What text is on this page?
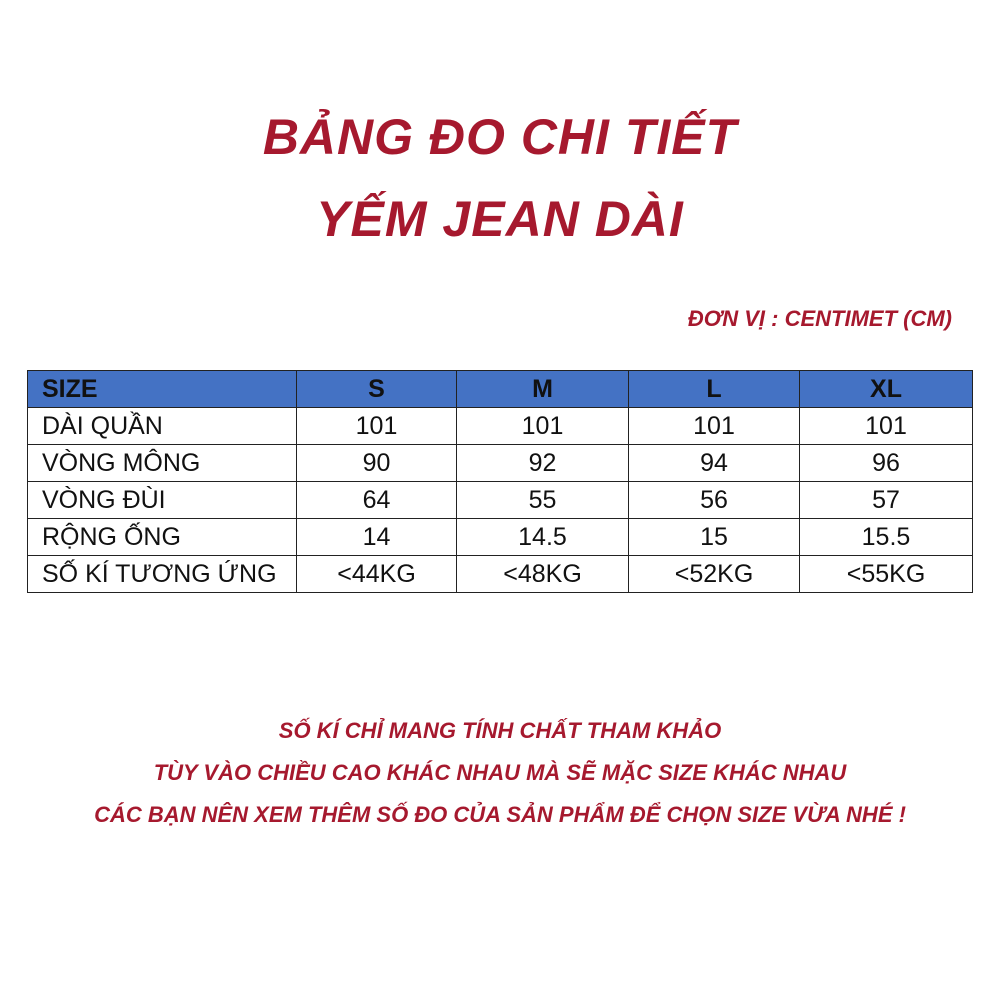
BẢNG ĐO CHI TIẾT
YẾM JEAN DÀI
ĐƠN VỊ : CENTIMET (CM)
SIZE	S	M	L	XL
DÀI QUẦN	101	101	101	101
VÒNG MÔNG	90	92	94	96
VÒNG ĐÙI	64	55	56	57
RỘNG ỐNG	14	14.5	15	15.5
SỐ KÍ TƯƠNG ỨNG	<44KG	<48KG	<52KG	<55KG

SỐ KÍ CHỈ MANG TÍNH CHẤT THAM KHẢO

TÙY VÀO CHIỀU CAO KHÁC NHAU MÀ SẼ MẶC SIZE KHÁC NHAU

CÁC BẠN NÊN XEM THÊM SỐ ĐO CỦA SẢN PHẨM ĐỂ CHỌN SIZE VỪA NHÉ !
